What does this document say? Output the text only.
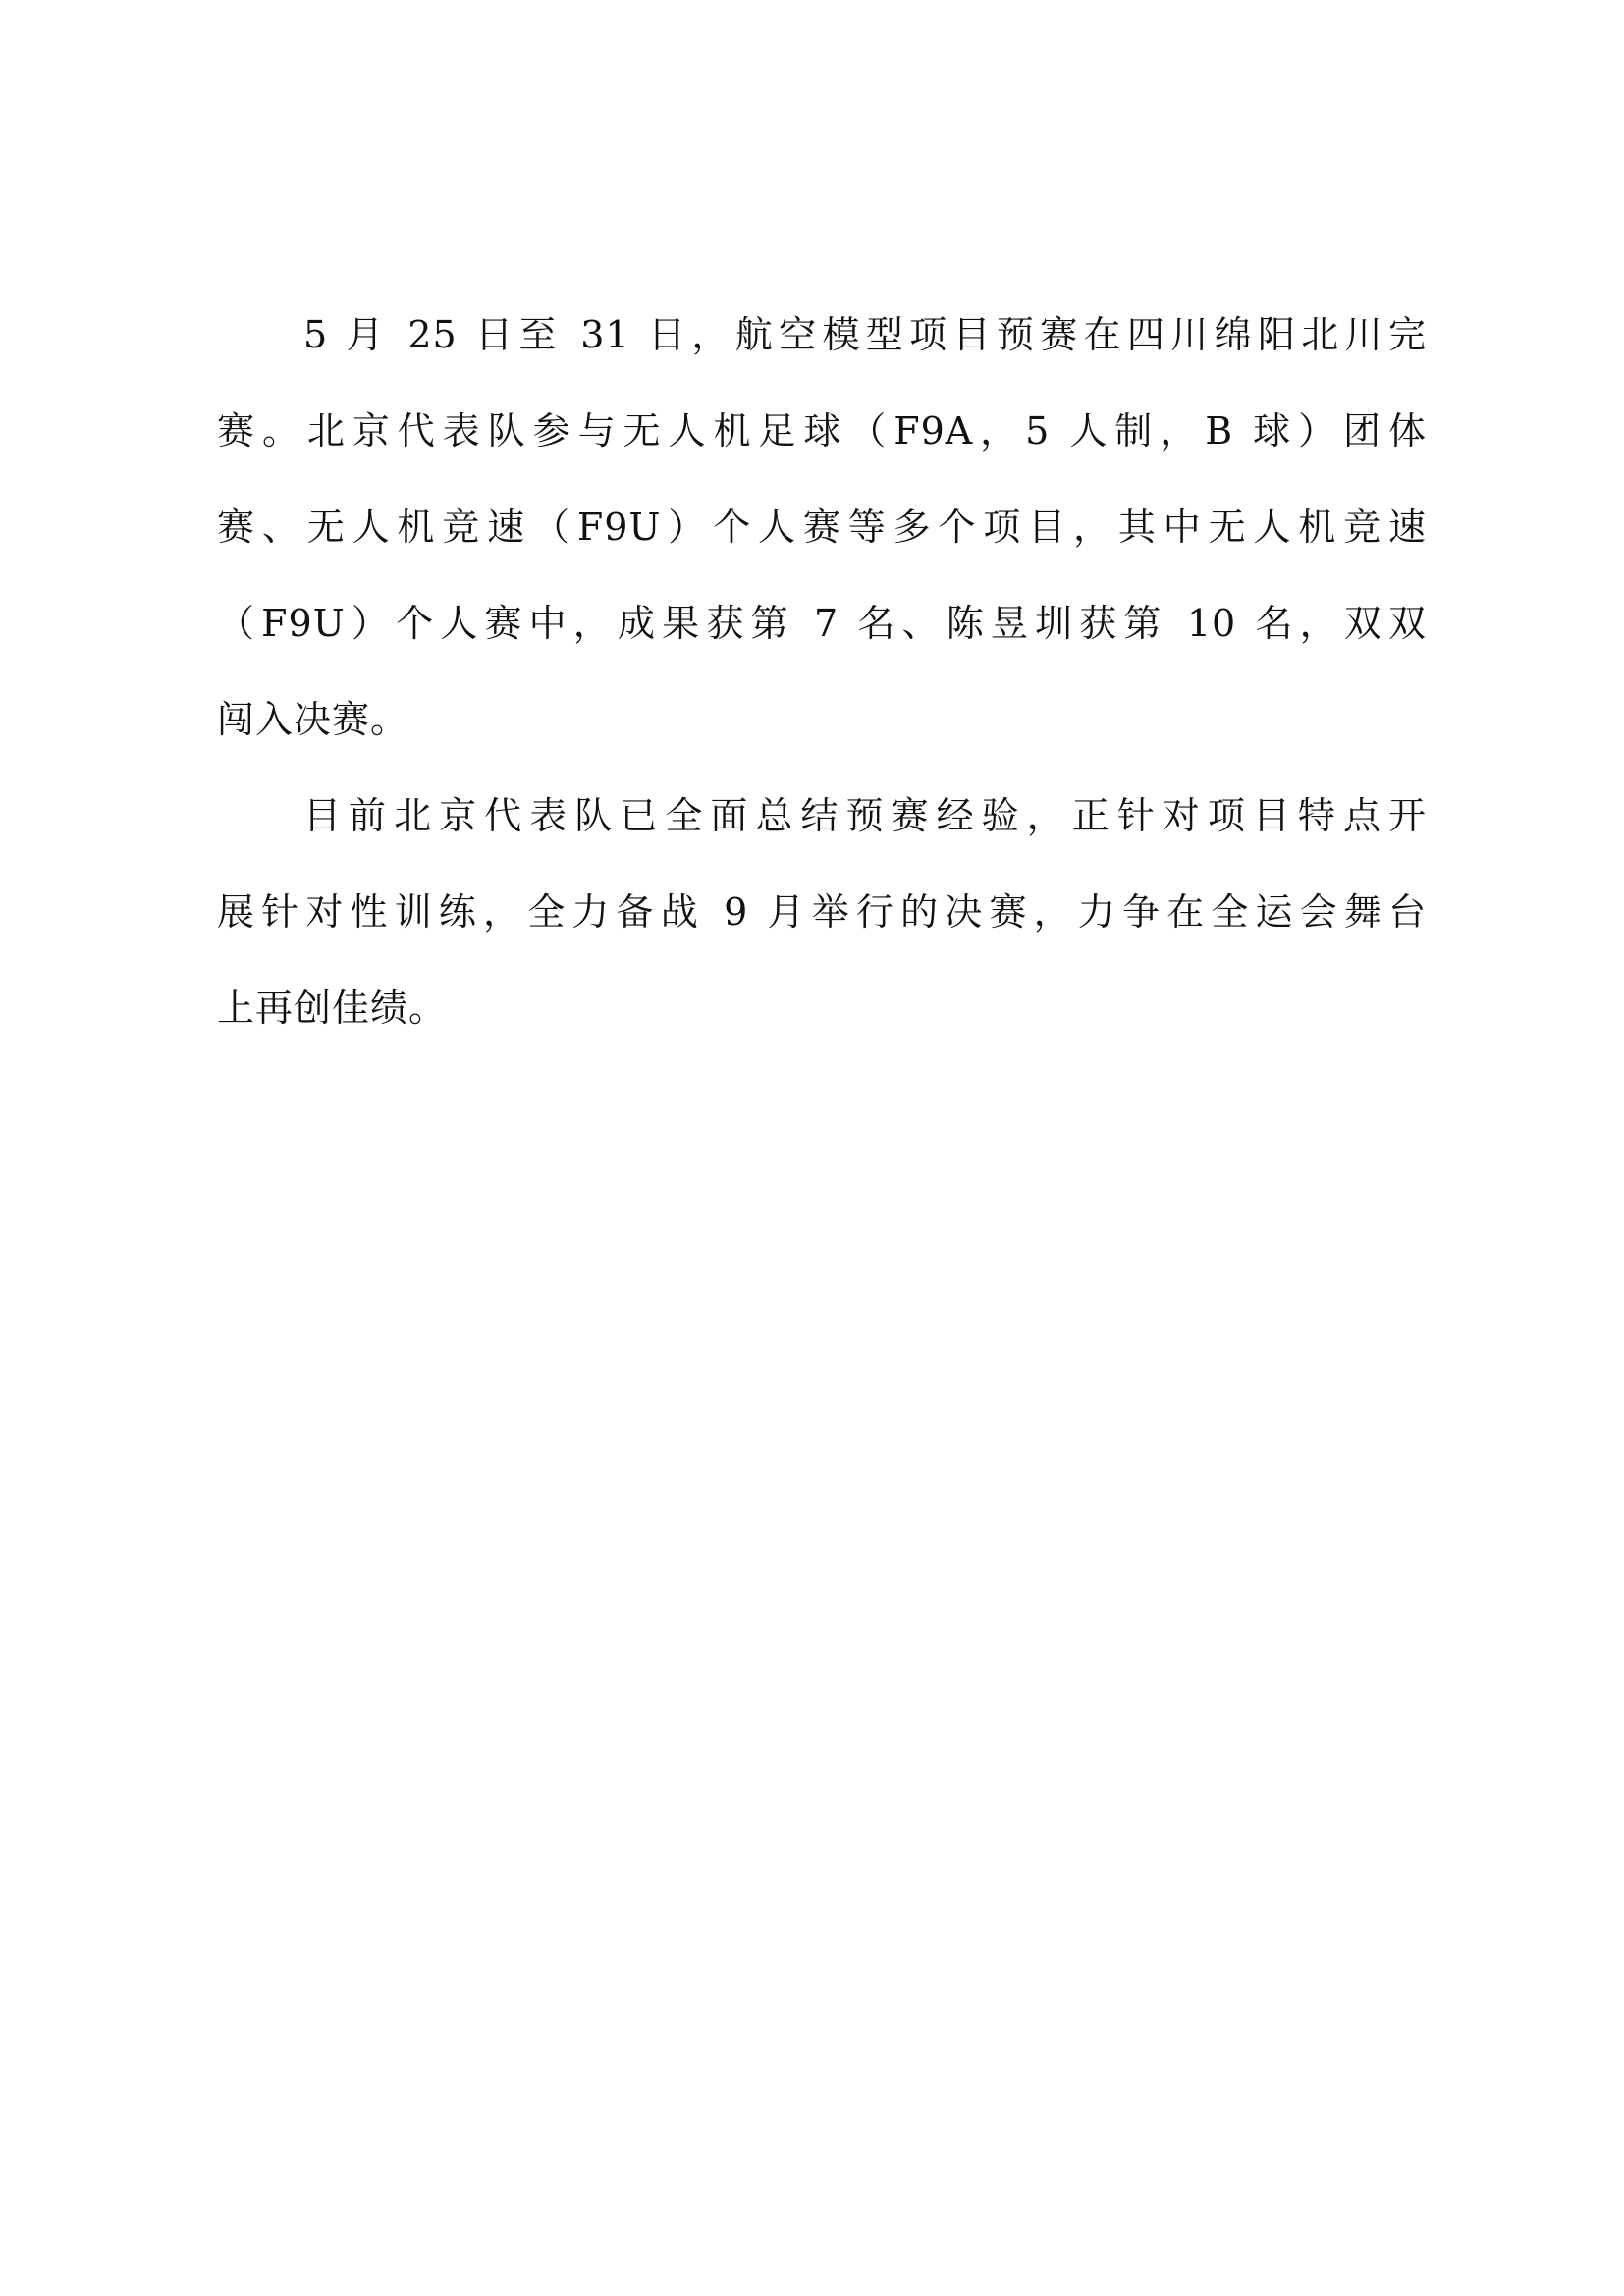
5 月 25 日至 31 日，航空模型项目预赛在四川绵阳北川完
赛。北京代表队参与无人机足球（F9A，5 人制，B 球）团体
赛、无人机竞速（F9U）个人赛等多个项目，其中无人机竞速
（F9U）个人赛中，成果获第 7 名、陈昱圳获第 10 名，双双
闯入决赛。
目前北京代表队已全面总结预赛经验，正针对项目特点开
展针对性训练，全力备战 9 月举行的决赛，力争在全运会舞台
上再创佳绩。
